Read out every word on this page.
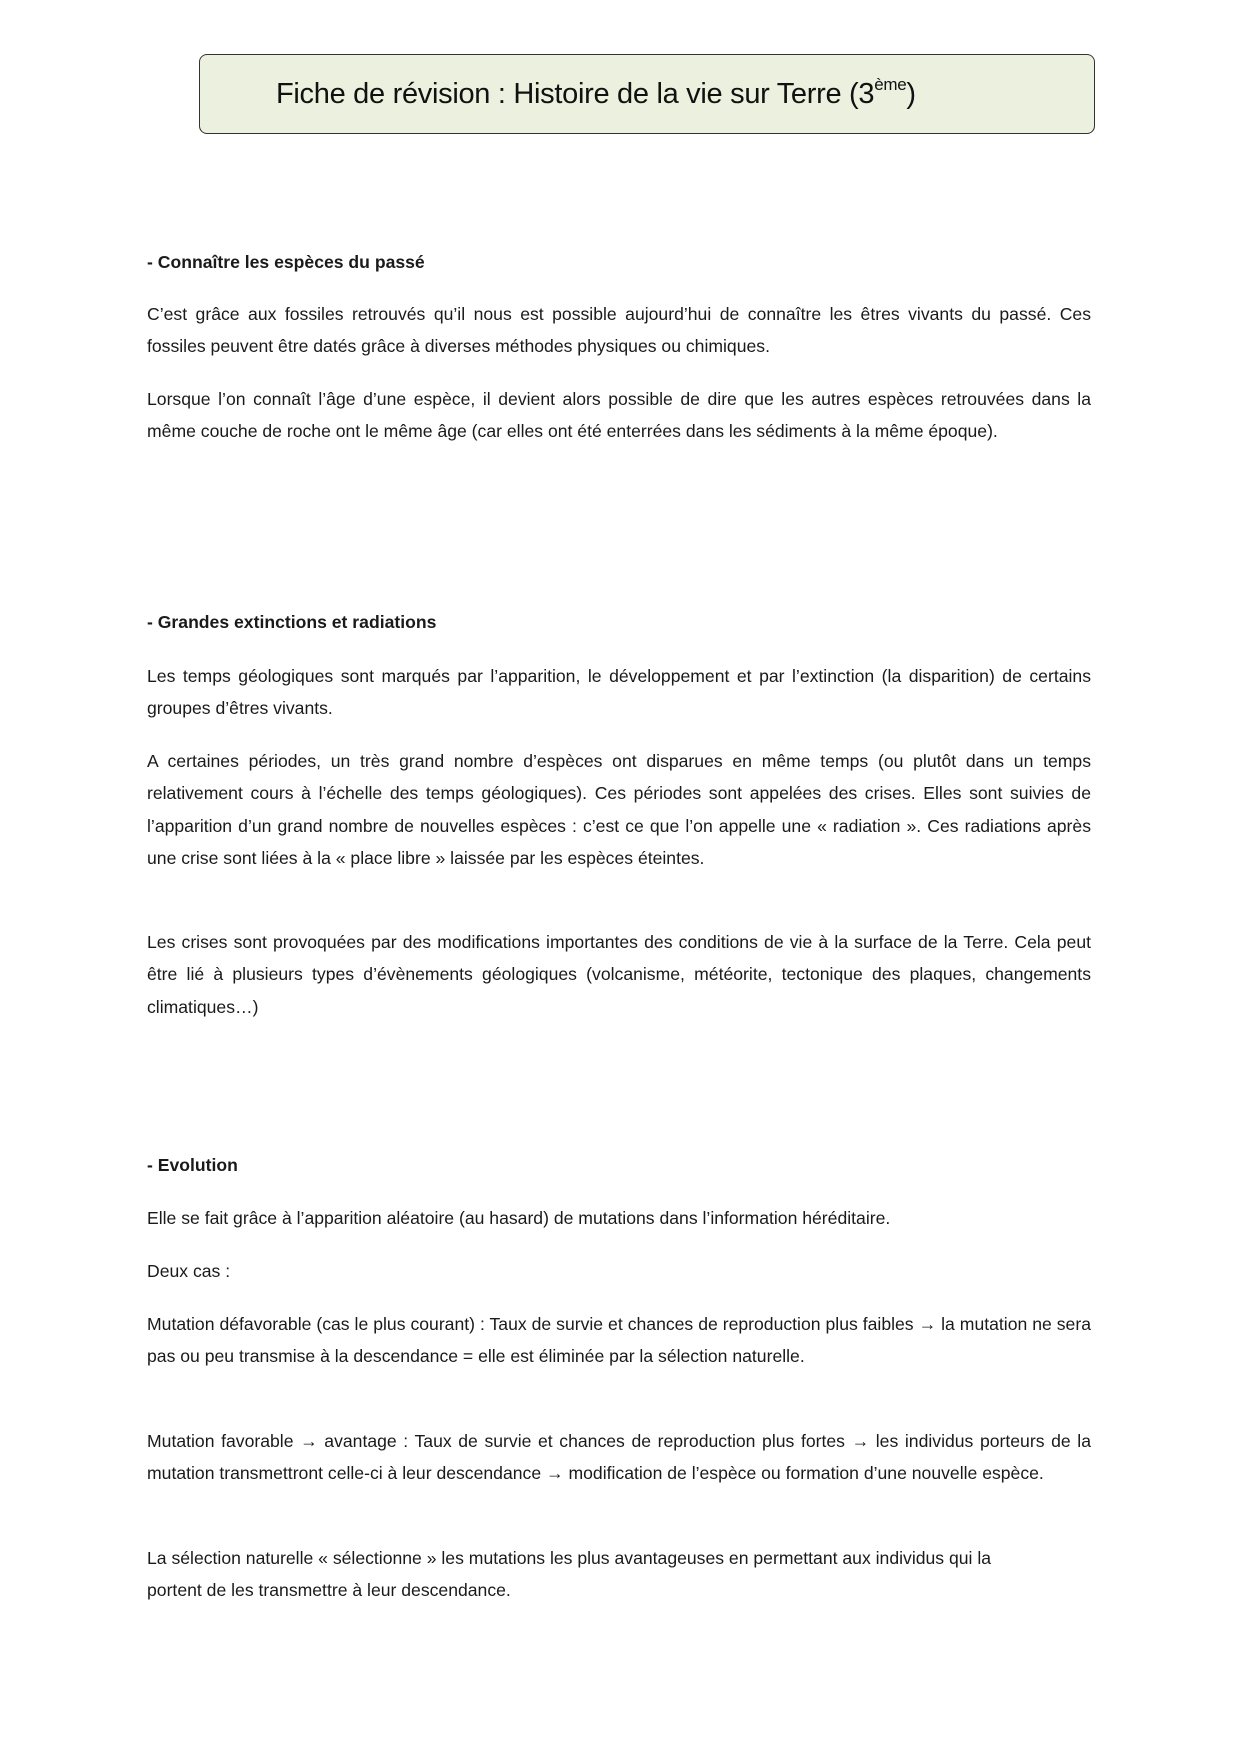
Fiche de révision : Histoire de la vie sur Terre (3ème)
- Connaître les espèces du passé

C’est grâce aux fossiles retrouvés qu’il nous est possible aujourd’hui de connaître les êtres vivants du passé. Ces fossiles peuvent être datés grâce à diverses méthodes physiques ou chimiques.

Lorsque l’on connaît l’âge d’une espèce, il devient alors possible de dire que les autres espèces retrouvées dans la même couche de roche ont le même âge (car elles ont été enterrées dans les sédiments à la même époque).

- Grandes extinctions et radiations

Les temps géologiques sont marqués par l’apparition, le développement et par l’extinction (la disparition) de certains groupes d’êtres vivants.

A certaines périodes, un très grand nombre d’espèces ont disparues en même temps (ou plutôt dans un temps relativement cours à l’échelle des temps géologiques). Ces périodes sont appelées des crises. Elles sont suivies de l’apparition d’un grand nombre de nouvelles espèces : c’est ce que l’on appelle une « radiation ». Ces radiations après une crise sont liées à la « place libre » laissée par les espèces éteintes.

Les crises sont provoquées par des modifications importantes des conditions de vie à la surface de la Terre. Cela peut être lié à plusieurs types d’évènements géologiques (volcanisme, météorite, tectonique des plaques, changements climatiques…)

- Evolution

Elle se fait grâce à l’apparition aléatoire (au hasard) de mutations dans l’information héréditaire.

Deux cas :

Mutation défavorable (cas le plus courant) : Taux de survie et chances de reproduction plus faibles → la mutation ne sera pas ou peu transmise à la descendance = elle est éliminée par la sélection naturelle.

Mutation favorable → avantage : Taux de survie et chances de reproduction plus fortes → les individus porteurs de la mutation transmettront celle-ci à leur descendance → modification de l’espèce ou formation d’une nouvelle espèce.

La sélection naturelle « sélectionne » les mutations les plus avantageuses en permettant aux individus qui la portent de les transmettre à leur descendance.
